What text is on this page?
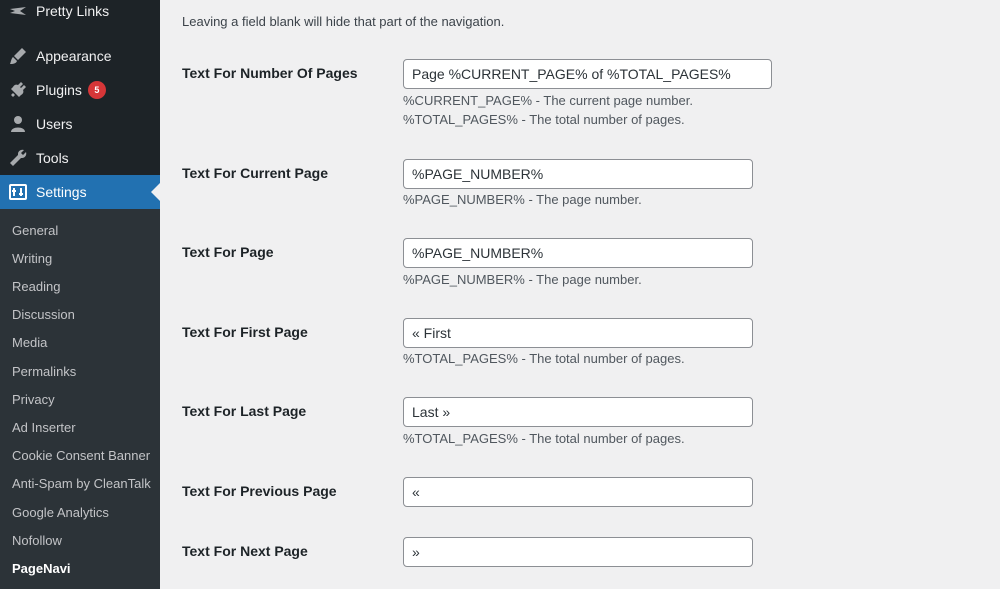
Pretty Links
Appearance
Plugins	5
Users
Tools
Settings
General
Writing
Reading
Discussion
Media
Permalinks
Privacy
Ad Inserter
Cookie Consent Banner
Anti-Spam by CleanTalk
Google Analytics
Nofollow
PageNavi
Leaving a field blank will hide that part of the navigation.
Text For Number Of Pages
Page %CURRENT_PAGE% of %TOTAL_PAGES%
%CURRENT_PAGE% - The current page number.
%TOTAL_PAGES% - The total number of pages.
Text For Current Page
%PAGE_NUMBER%
%PAGE_NUMBER% - The page number.
Text For Page
%PAGE_NUMBER%
%PAGE_NUMBER% - The page number.
Text For First Page
« First
%TOTAL_PAGES% - The total number of pages.
Text For Last Page
Last »
%TOTAL_PAGES% - The total number of pages.
Text For Previous Page
«
Text For Next Page
»
